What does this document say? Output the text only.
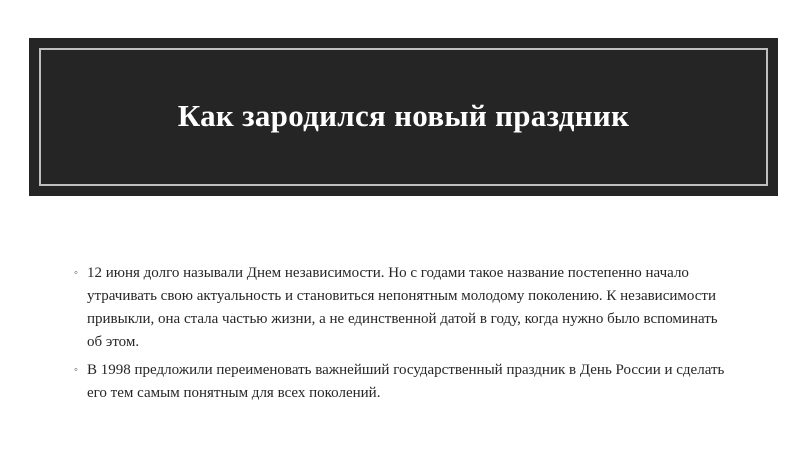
Как зародился новый праздник
◦ 12 июня долго называли Днем независимости. Но с годами такое название постепенно начало утрачивать свою актуальность и становиться непонятным молодому поколению. К независимости привыкли, она стала частью жизни, а не единственной датой в году, когда нужно было вспоминать об этом.
◦ В 1998 предложили переименовать важнейший государственный праздник в День России и сделать его тем самым понятным для всех поколений.
